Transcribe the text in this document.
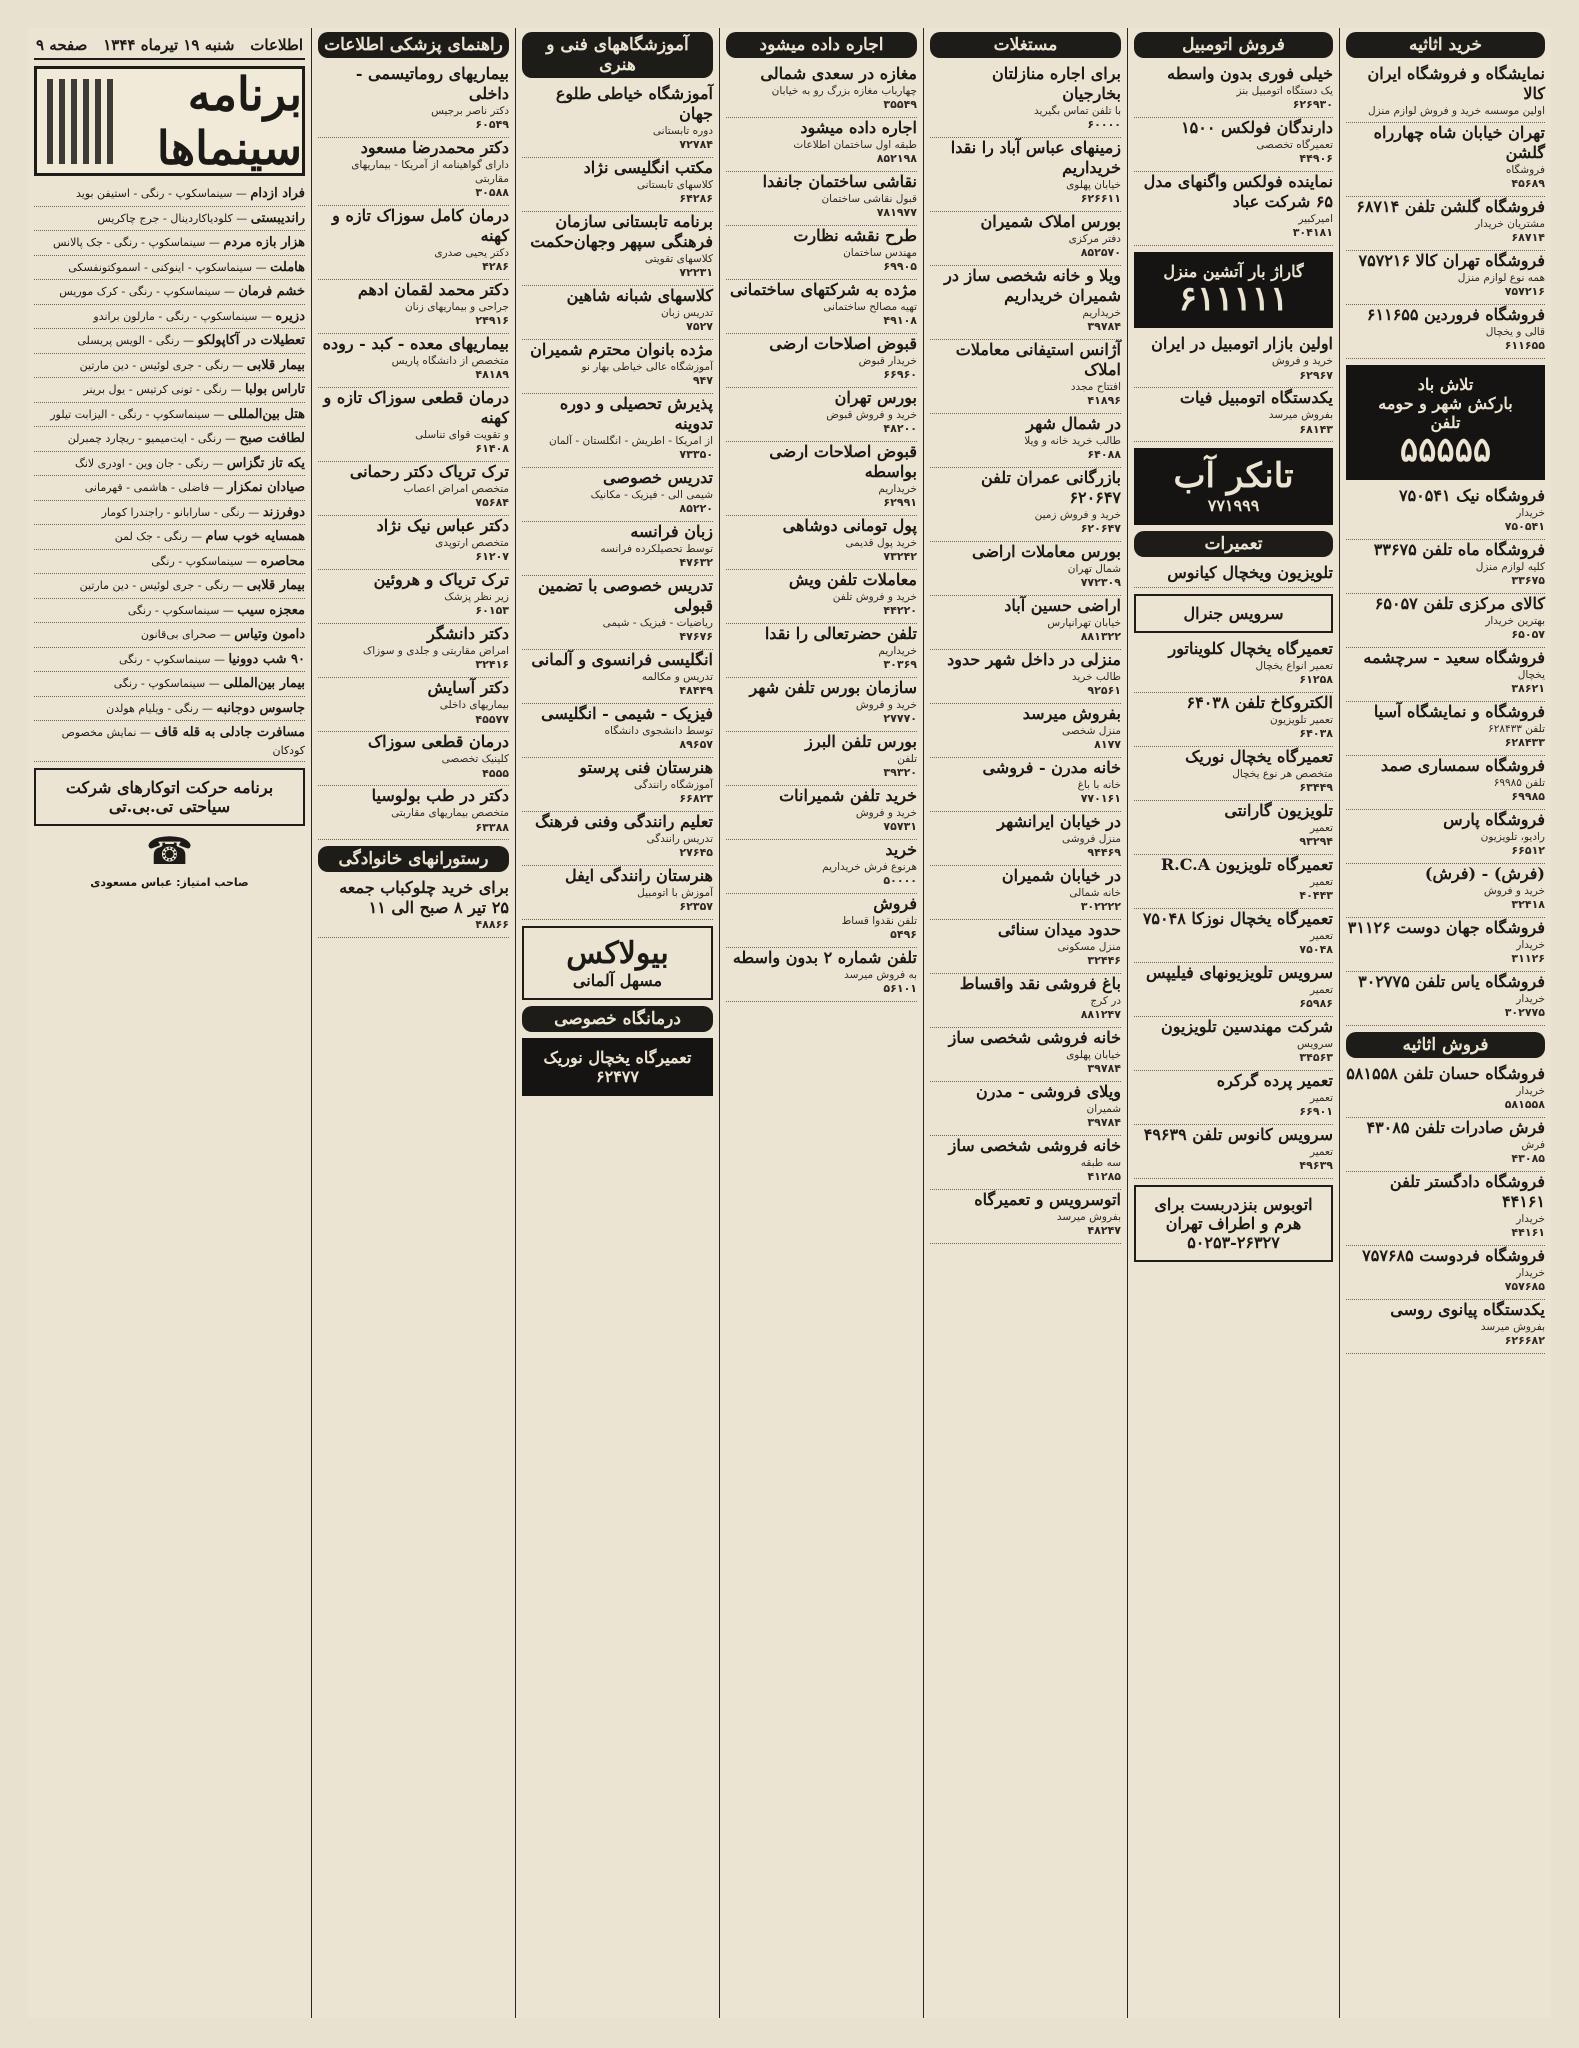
خرید اثاثیه
نمایشگاه و فروشگاه ایران کالا

اولین موسسه خرید و فروش لوازم منزل

تهران خیابان شاه چهارراه گلشن

فروشگاه

۴۵۶۸۹

فروشگاه گلشن تلفن ۶۸۷۱۴

مشتریان خریدار

۶۸۷۱۴

فروشگاه تهران کالا ۷۵۷۲۱۶

همه نوع لوازم منزل

۷۵۷۲۱۶

فروشگاه فروردین ۶۱۱۶۵۵

قالی و یخچال

۶۱۱۶۵۵

تلاش باد
بارکش شهر و حومه
تلفن
۵۵۵۵۵
فروشگاه نیک ۷۵۰۵۴۱

خریدار

۷۵۰۵۴۱

فروشگاه ماه تلفن ۳۳۶۷۵

کلیه لوازم منزل

۳۳۶۷۵

کالای مرکزی تلفن ۶۵۰۵۷

بهترین خریدار

۶۵۰۵۷

فروشگاه سعید - سرچشمه

یخچال

۳۸۶۲۱

فروشگاه و نمایشگاه آسیا

تلفن ۶۲۸۴۳۳

۶۲۸۴۳۳

فروشگاه سمساری صمد

تلفن ۶۹۹۸۵

۶۹۹۸۵

فروشگاه پارس

رادیو، تلویزیون

۶۶۵۱۲

(فرش) - (فرش)

خرید و فروش

۳۲۴۱۸

فروشگاه جهان دوست ۳۱۱۲۶

خریدار

۳۱۱۲۶

فروشگاه یاس تلفن ۳۰۲۷۷۵

خریدار

۳۰۲۷۷۵

فروش اثاثیه
فروشگاه حسان تلفن ۵۸۱۵۵۸

خریدار

۵۸۱۵۵۸

فرش صادرات تلفن ۴۳۰۸۵

فرش

۴۳۰۸۵

فروشگاه دادگستر تلفن ۴۴۱۶۱

خریدار

۴۴۱۶۱

فروشگاه فردوست ۷۵۷۶۸۵

خریدار

۷۵۷۶۸۵

یکدستگاه پیانوی روسی

بفروش میرسد

۶۲۶۶۸۲

فروش اتومبیل
خیلی فوری بدون واسطه

یک دستگاه اتومبیل بنز

۶۲۶۹۳۰

دارندگان فولکس ۱۵۰۰

تعمیرگاه تخصصی

۴۴۹۰۶

نماینده فولکس واگنهای مدل ۶۵ شرکت عباد

امیرکبیر

۳۰۴۱۸۱

گاراژ بار آتشین منزل
۶۱۱۱۱۱
اولین بازار اتومبیل در ایران

خرید و فروش

۶۲۹۶۷

یکدستگاه اتومبیل فیات

بفروش میرسد

۶۸۱۴۳

تانکر آب
۷۷۱۹۹۹
تعمیرات
تلویزیون ویخچال کیانوس
سرویس جنرال
تعمیرگاه یخچال کلویناتور

تعمیر انواع یخچال

۶۱۲۵۸

الکتروکاخ تلفن ۶۴۰۳۸

تعمیر تلویزیون

۶۴۰۳۸

تعمیرگاه یخچال نوریک

متخصص هر نوع یخچال

۶۳۴۴۹

تلویزیون گارانتی

تعمیر

۹۳۲۹۴

تعمیرگاه تلویزیون R.C.A

تعمیر

۴۰۴۴۳

تعمیرگاه یخچال نوزکا ۷۵۰۴۸

تعمیر

۷۵۰۴۸

سرویس تلویزیونهای فیلیپس

تعمیر

۶۵۹۸۶

شرکت مهندسین تلویزیون

سرویس

۳۴۵۶۳

تعمیر پرده گرکره

تعمیر

۶۶۹۰۱

سرویس کانوس تلفن ۴۹۶۳۹

تعمیر

۴۹۶۳۹

اتوبوس بنزدربست برای هرم و اطراف تهران
۵۰۲۵۳-۲۶۳۲۷
مستغلات
برای اجاره منازلتان بخارجیان

با تلفن تماس بگیرید

۶۰۰۰۰

زمینهای عباس آباد را نقدا خریداریم

خیابان پهلوی

۶۲۶۶۱۱

بورس املاک شمیران

دفتر مرکزی

۸۵۲۵۷۰

ویلا و خانه شخصی ساز در شمیران خریداریم

خریداریم

۳۹۷۸۴

آژانس استیفانی معاملات املاک

افتتاح مجدد

۴۱۸۹۶

در شمال شهر

طالب خرید خانه و ویلا

۶۴۰۸۸

بازرگانی عمران تلفن ۶۲۰۶۴۷

خرید و فروش زمین

۶۲۰۶۴۷

بورس معاملات اراضی

شمال تهران

۷۷۲۳۰۹

اراضی حسین آباد

خیابان تهرانپارس

۸۸۱۳۲۲

منزلی در داخل شهر حدود

طالب خرید

۹۲۵۶۱

بفروش میرسد

منزل شخصی

۸۱۷۷

خانه مدرن - فروشی

خانه با باغ

۷۷۰۱۶۱

در خیابان ایرانشهر

منزل فروشی

۹۴۴۶۹

در خیابان شمیران

خانه شمالی

۳۰۲۲۲۲

حدود میدان سنائی

منزل مسکونی

۳۲۴۴۶

باغ فروشی نقد واقساط

در کرج

۸۸۱۲۴۷

خانه فروشی شخصی ساز

خیابان پهلوی

۳۹۷۸۴

ویلای فروشی - مدرن

شمیران

۳۹۷۸۴

خانه فروشی شخصی ساز

سه طبقه

۴۱۲۸۵

اتوسرویس و تعمیرگاه

بفروش میرسد

۴۸۲۴۷

اجاره داده میشود
مغازه در سعدی شمالی

چهارباب مغازه بزرگ رو به خیابان

۳۵۵۴۹

اجاره داده میشود

طبقه اول ساختمان اطلاعات

۸۵۲۱۹۸

نقاشی ساختمان جانفدا

قبول نقاشی ساختمان

۷۸۱۹۷۷

طرح نقشه نظارت

مهندس ساختمان

۶۹۹۰۵

مژده به شرکتهای ساختمانی

تهیه مصالح ساختمانی

۴۹۱۰۸

قبوض اصلاحات ارضی

خریدار قبوض

۶۶۹۶۰

بورس تهران

خرید و فروش قبوض

۴۸۲۰۰

قبوض اصلاحات ارضی بواسطه

خریداریم

۶۲۹۹۱

پول تومانی دوشاهی

خرید پول قدیمی

۷۳۲۴۲

معاملات تلفن ویش

خرید و فروش تلفن

۴۴۲۲۰

تلفن حضرتعالی را نقدا

خریداریم

۳۰۳۶۹

سازمان بورس تلفن شهر

خرید و فروش

۲۷۷۷۰

بورس تلفن البرز

تلفن

۳۹۳۲۰

خرید تلفن شمیرانات

خرید و فروش

۷۵۷۳۱

خرید

هرنوع فرش خریداریم

۵۰۰۰۰

فروش

تلفن نقدوا قساط

۵۴۹۶

تلفن شماره ۲ بدون واسطه

به فروش میرسد

۵۶۱۰۱

آموزشگاههای فنی و هنری
آموزشگاه خیاطی طلوع جهان

دوره تابستانی

۷۲۷۸۴

مکتب انگلیسی نژاد

کلاسهای تابستانی

۶۴۲۸۶

برنامه تابستانی سازمان فرهنگی سپهر وجهان‌حکمت

کلاسهای تقویتی

۷۲۲۳۱

کلاسهای شبانه شاهین

تدریس زبان

۷۵۲۷

مژده بانوان محترم شمیران

آموزشگاه عالی خیاطی بهار نو

۹۴۷

پذیرش تحصیلی و دوره تدوینه

از امریکا - اطریش - انگلستان - آلمان

۷۳۳۵۰

تدریس خصوصی

شیمی الی - فیزیک - مکانیک

۸۵۲۲۰

زبان فرانسه

توسط تحصیلکرده فرانسه

۴۷۶۳۲

تدریس خصوصی با تضمین قبولی

ریاضیات - فیزیک - شیمی

۴۷۶۷۶

انگلیسی فرانسوی و آلمانی

تدریس و مکالمه

۴۸۴۴۹

فیزیک - شیمی - انگلیسی

توسط دانشجوی دانشگاه

۸۹۶۵۷

هنرستان فنی پرستو

آموزشگاه رانندگی

۶۶۸۲۳

تعلیم رانندگی وفنی فرهنگ

تدریس رانندگی

۲۷۶۴۵

هنرستان رانندگی ایفل

آموزش با اتومبیل

۶۲۳۵۷

بیولاکس
مسهل آلمانی
درمانگاه خصوصی
تعمیرگاه یخچال نوریک
۶۲۴۷۷
راهنمای پزشکی اطلاعات
بیماریهای روماتیسمی - داخلی

دکتر ناصر برجیس

۶۰۵۴۹

دکتر محمدرضا مسعود

دارای گواهینامه از آمریکا - بیماریهای مقاربتی

۳۰۵۸۸

درمان کامل سوزاک تازه و کهنه

دکتر یحیی صدری

۴۲۸۶

دکتر محمد لقمان ادهم

جراحی و بیماریهای زنان

۲۴۹۱۶

بیماریهای معده - کبد - روده

متخصص از دانشگاه پاریس

۴۸۱۸۹

درمان قطعی سوزاک تازه و کهنه

و تقویت قوای تناسلی

۶۱۴۰۸

ترک تریاک دکتر رحمانی

متخصص امراض اعصاب

۷۵۶۸۴

دکتر عباس نیک نژاد

متخصص ارتوپدی

۶۱۲۰۷

ترک تریاک و هروئین

زیر نظر پزشک

۶۰۱۵۳

دکتر دانشگر

امراض مقاربتی و جلدی و سوزاک

۳۲۴۱۶

دکتر آسایش

بیماریهای داخلی

۴۵۵۷۷

درمان قطعی سوزاک

کلینیک تخصصی

۴۵۵۵

دکتر در طب بولوسیا

متخصص بیماریهای مقاربتی

۶۳۳۸۸

رستورانهای خانوادگی
برای خرید چلوکباب جمعه ۲۵ تیر ۸ صبح الی ۱۱

۴۸۸۶۶

اطلاعات
شنبه ۱۹ تیرماه ۱۳۴۴
صفحه ۹
برنامه سینماها
فراد ازدام — سینماسکوپ - رنگی - استیفن بوید
راندیبستی — کلودیاکاردینال - جرج چاکریس
هزار بازه مردم — سینماسکوپ - رنگی - جک پالانس
هاملت — سینماسکوپ - اینوکنی - اسموکتونفسکی
خشم فرمان — سینماسکوپ - رنگی - کرک موریس
دزیره — سینماسکوپ - رنگی - مارلون براندو
تعطیلات در آکاپولکو — رنگی - الویس پریسلی
بیمار قلابی — رنگی - جری لوئیس - دین مارتین
تاراس بولبا — رنگی - تونی کرتیس - یول برینر
هتل بین‌المللی — سینماسکوپ - رنگی - الیزابت تیلور
لطافت صبح — رنگی - ایت‌میمیو - ریچارد چمبرلن
یکه تاز تگزاس — رنگی - جان وین - اودری لانگ
صیادان نمکزار — فاضلی - هاشمی - قهرمانی
دوفرزند — رنگی - سارابانو - راجندرا کومار
همسایه خوب سام — رنگی - جک لمن
محاصره — سینماسکوپ - رنگی
بیمار قلابی — رنگی - جری لوئیس - دین مارتین
معجزه سیب — سینماسکوپ - رنگی
دامون وتیاس — صحرای بی‌قانون
۹۰ شب دوونیا — سینماسکوپ - رنگی
بیمار بین‌المللی — سینماسکوپ - رنگی
جاسوس دوجانبه — رنگی - ویلیام هولدن
مسافرت جادلی به قله قاف — نمایش مخصوص کودکان
برنامه حرکت اتوکارهای شرکت سیاحتی تی.بی.تی
☎
صاحب امتیاز: عباس مسعودی
